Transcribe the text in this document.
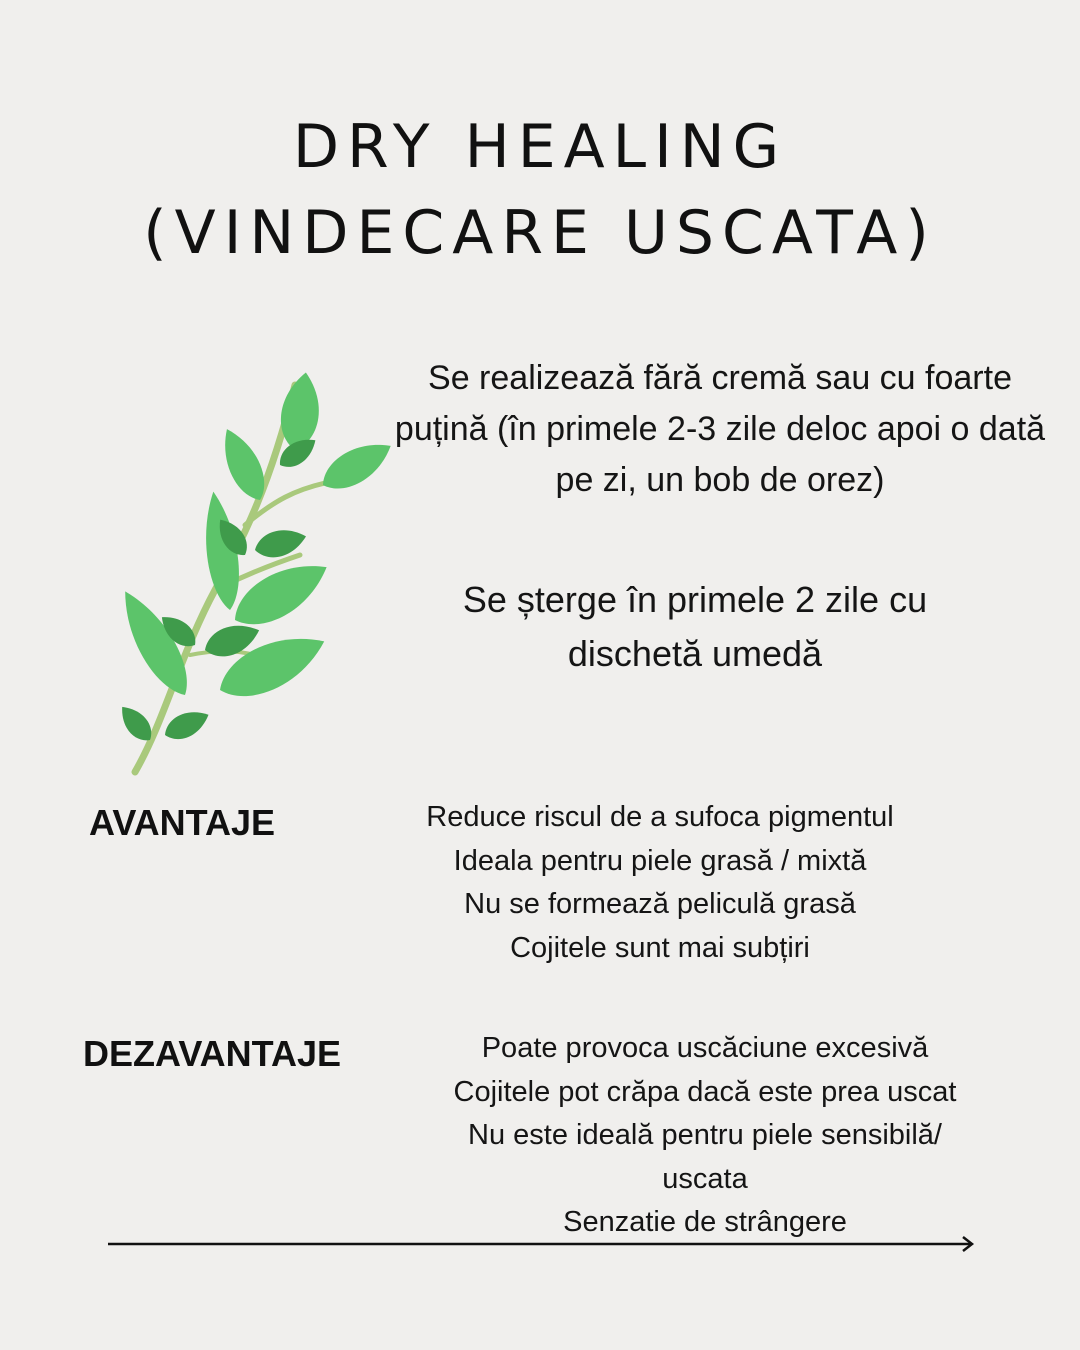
DRY HEALING
(VINDECARE USCATA)

Se realizează fără cremă sau cu foarte puțină (în primele 2-3 zile deloc apoi o dată pe zi, un bob de orez)

Se șterge în primele 2 zile cu dischetă umedă

AVANTAJE	Reduce riscul de a sufoca pigmentul
Ideala pentru piele grasă / mixtă
Nu se formează peliculă grasă
Cojitele sunt mai subțiri
DEZAVANTAJE	Poate provoca uscăciune excesivă
Cojitele pot crăpa dacă este prea uscat
Nu este ideală pentru piele sensibilă/ uscata
Senzatie de strângere
